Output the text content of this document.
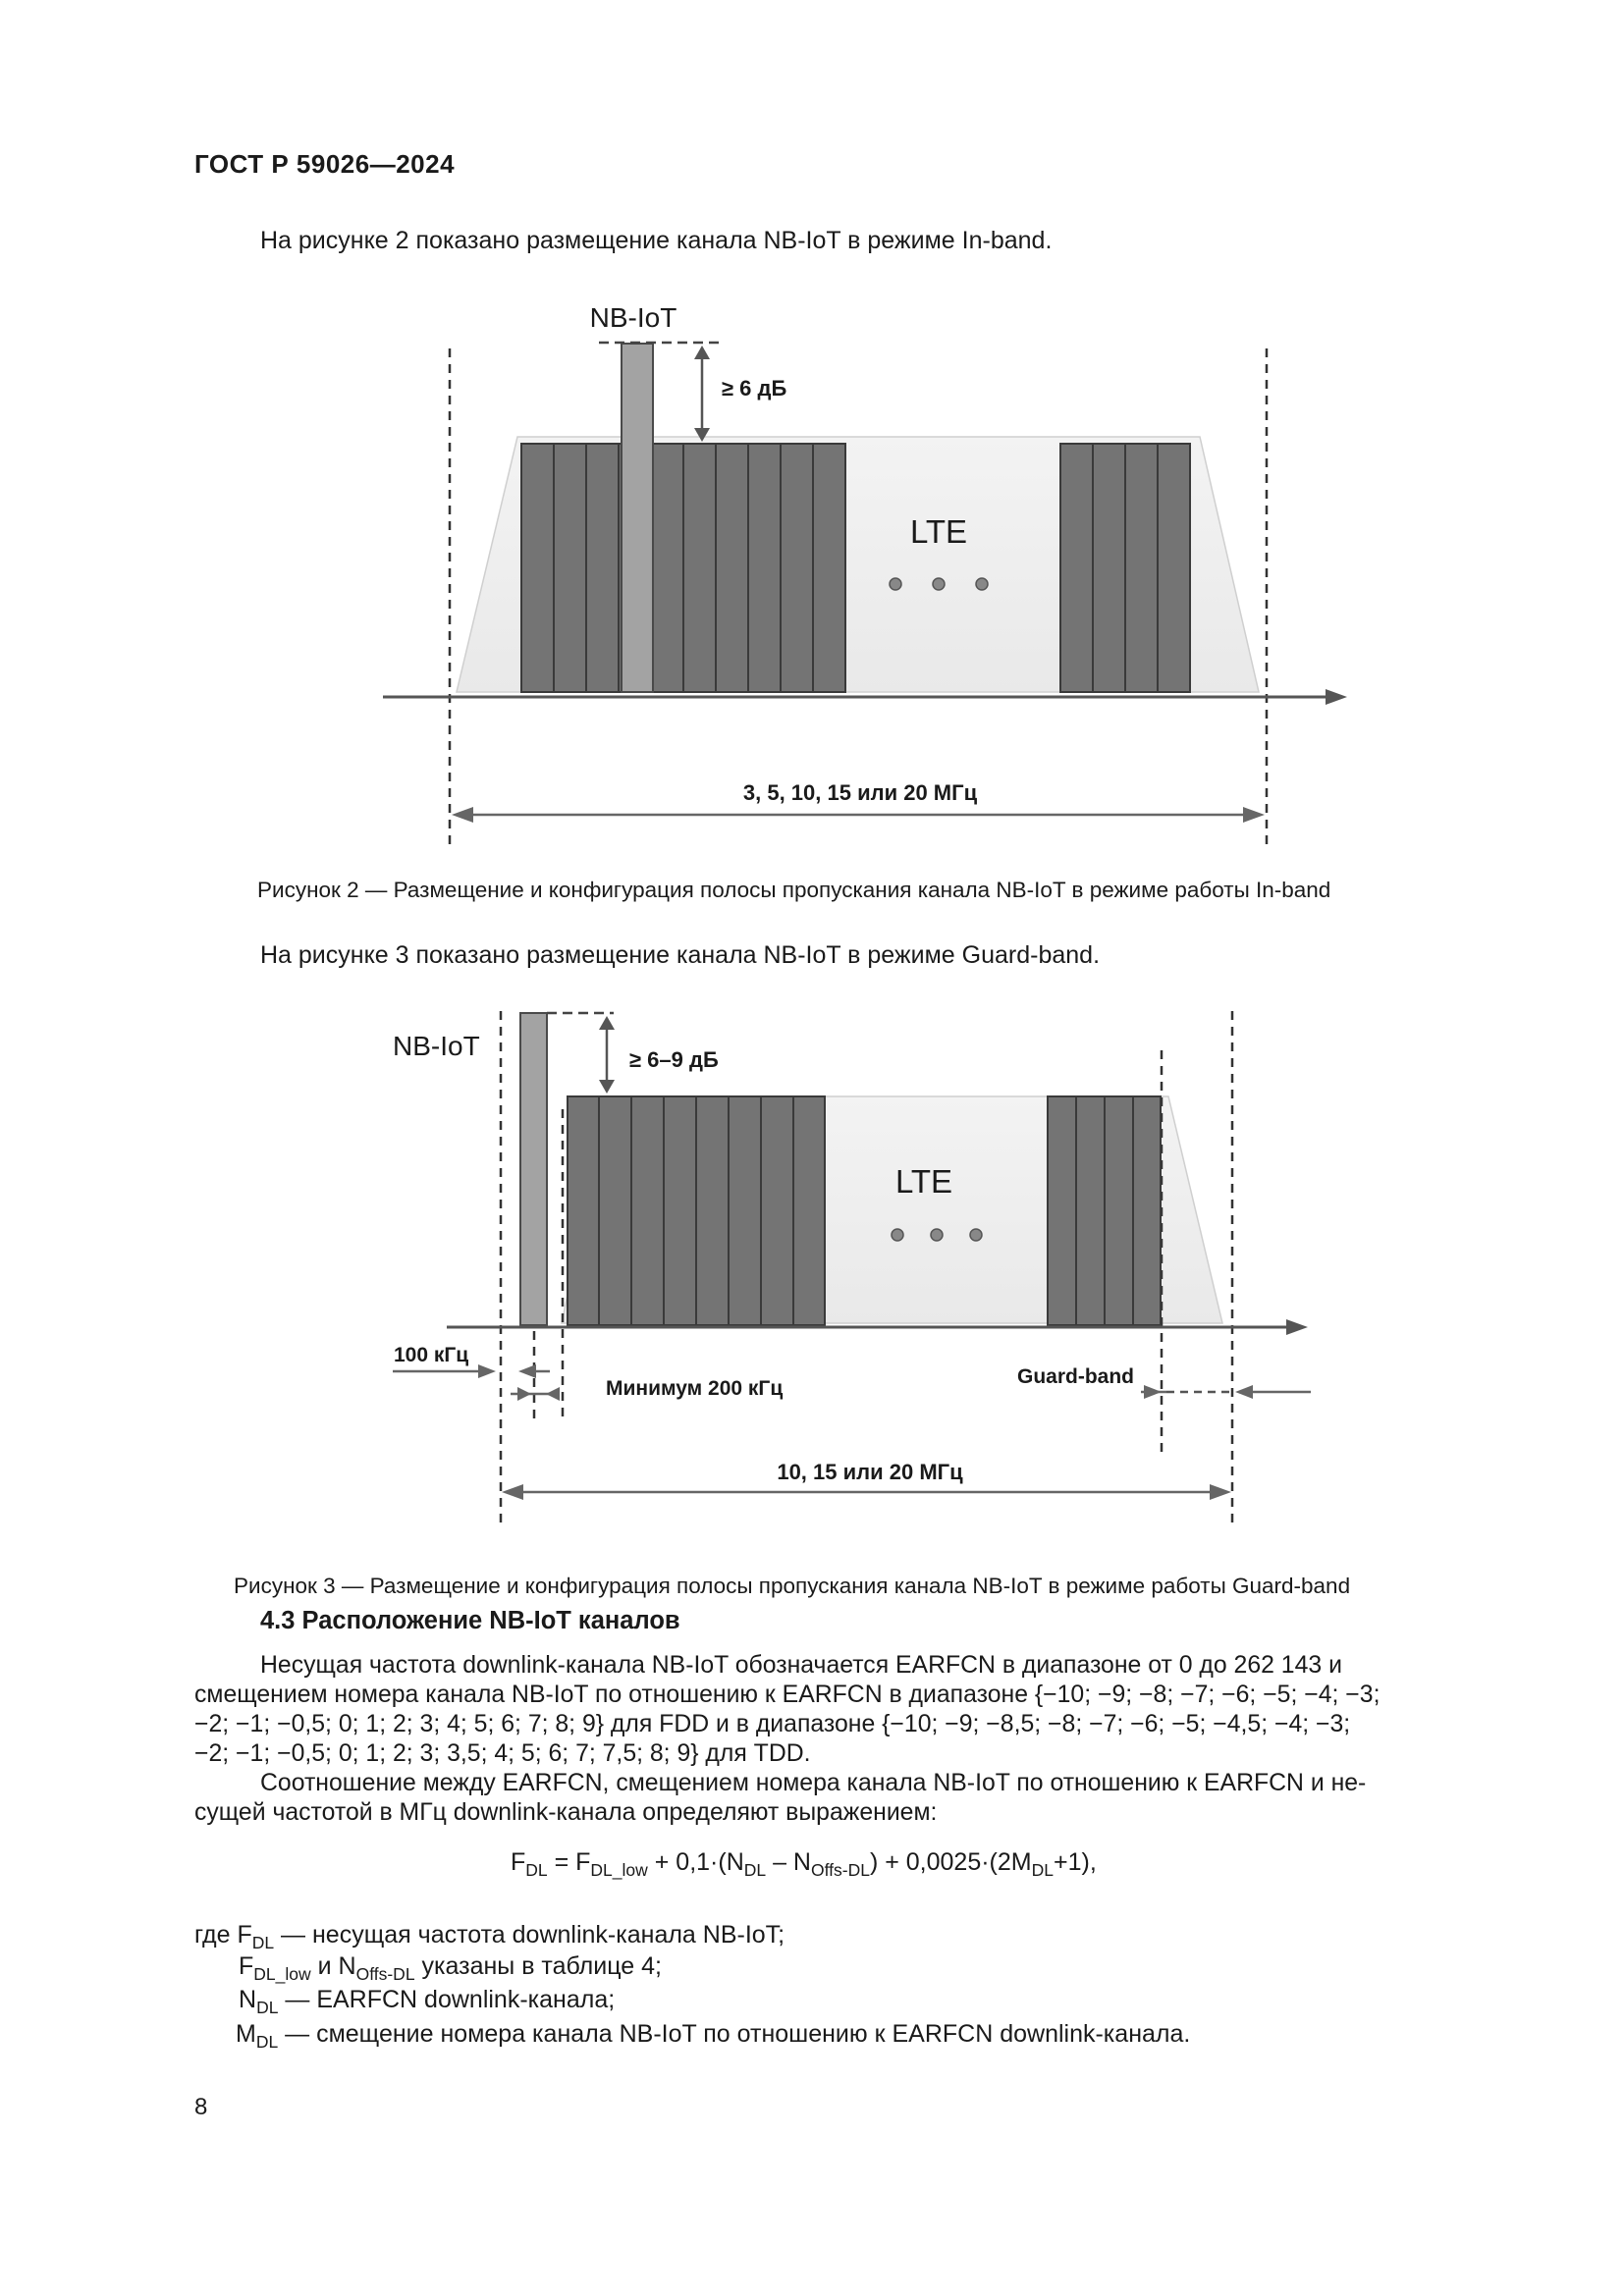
ГОСТ Р 59026—2024
На рисунке 2 показано размещение канала NB-IoT в режиме In-band.
NB-IoT
≥ 6 дБ
LTE
3, 5, 10, 15 или 20 МГц
Рисунок 2 — Размещение и конфигурация полосы пропускания канала NB-IoT в режиме работы In-band
На рисунке 3 показано размещение канала NB-IoT в режиме Guard-band.
NB-IoT	≥ 6–9 дБ
LTE
100 кГц
Минимум 200 кГц
Guard-band
10, 15 или 20 МГц
Рисунок 3 — Размещение и конфигурация полосы пропускания канала NB-IoT в режиме работы Guard-band
4.3 Расположение NB-IoT каналов
Несущая частота downlink-канала NB-IoT обозначается EARFCN в диапазоне от 0 до 262 143 и
смещением номера канала NB-IoT по отношению к EARFCN в диапазоне {−10; −9; −8; −7; −6; −5; −4; −3;
−2; −1; −0,5; 0; 1; 2; 3; 4; 5; 6; 7; 8; 9} для FDD и в диапазоне {−10; −9; −8,5; −8; −7; −6; −5; −4,5; −4; −3;
−2; −1; −0,5; 0; 1; 2; 3; 3,5; 4; 5; 6; 7; 7,5; 8; 9} для TDD.
Соотношение между EARFCN, смещением номера канала NB-IoT по отношению к EARFCN и не-
сущей частотой в МГц downlink-канала определяют выражением:
$F_{DL} = F_{DL\_low} + 0,1\cdot(N_{DL} - N_{Offs-DL}) + 0,0025\cdot(2M_{DL}+1)$,
где $F_{DL}$ — несущая частота downlink-канала NB-IoT;
$F_{DL\_low}$ и $N_{Offs-DL}$ указаны в таблице 4;
$N_{DL}$ — EARFCN downlink-канала;
$M_{DL}$ — смещение номера канала NB-IoT по отношению к EARFCN downlink-канала.
8
